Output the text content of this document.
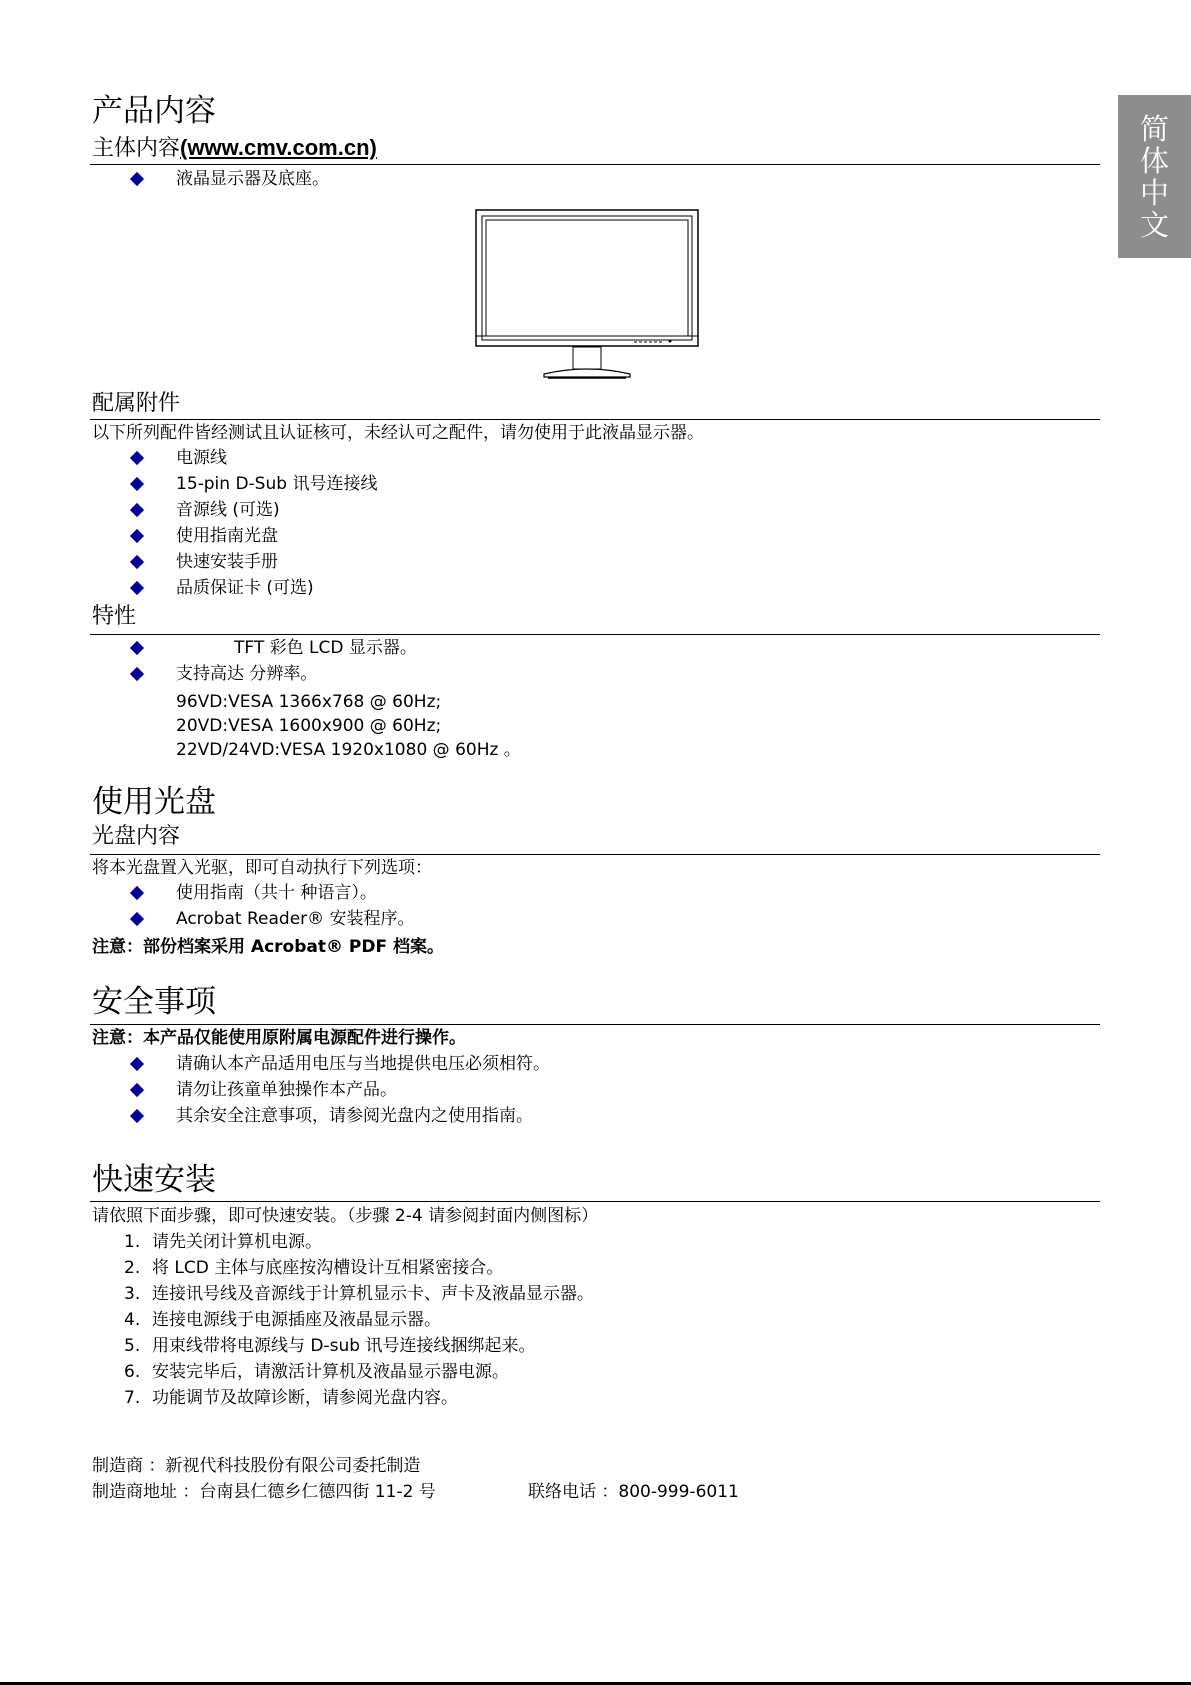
简
体
中
文
产品内容
主体内容(www.cmv.com.cn)
液晶显示器及底座。
配属附件
以下所列配件皆经测试且认证核可，未经认可之配件，请勿使用于此液晶显示器。
电源线
15-pin D-Sub 讯号连接线
音源线 (可选)
使用指南光盘
快速安装手册
品质保证卡 (可选)
特性
TFT 彩色 LCD 显示器。
支持高达 分辨率。
96VD:VESA 1366x768 @ 60Hz;
20VD:VESA 1600x900 @ 60Hz;
22VD/24VD:VESA 1920x1080 @ 60Hz 。
使用光盘
光盘内容
将本光盘置入光驱，即可自动执行下列选项：
使用指南（共十 种语言）。
Acrobat Reader® 安装程序。
注意：部份档案采用 Acrobat® PDF 档案。
安全事项
注意：本产品仅能使用原附属电源配件进行操作。
请确认本产品适用电压与当地提供电压必须相符。
请勿让孩童单独操作本产品。
其余安全注意事项，请参阅光盘内之使用指南。
快速安装
请依照下面步骤，即可快速安装。（步骤 2-4 请参阅封面内侧图标）
1. 请先关闭计算机电源。
2. 将 LCD 主体与底座按沟槽设计互相紧密接合。
3. 连接讯号线及音源线于计算机显示卡、声卡及液晶显示器。
4. 连接电源线于电源插座及液晶显示器。
5. 用束线带将电源线与 D-sub 讯号连接线捆绑起来。
6. 安装完毕后，请激活计算机及液晶显示器电源。
7. 功能调节及故障诊断，请参阅光盘内容。
制造商 ：新视代科技股份有限公司委托制造
制造商地址 ：台南县仁德乡仁德四街 11-2 号	联络电话 ：800-999-6011
